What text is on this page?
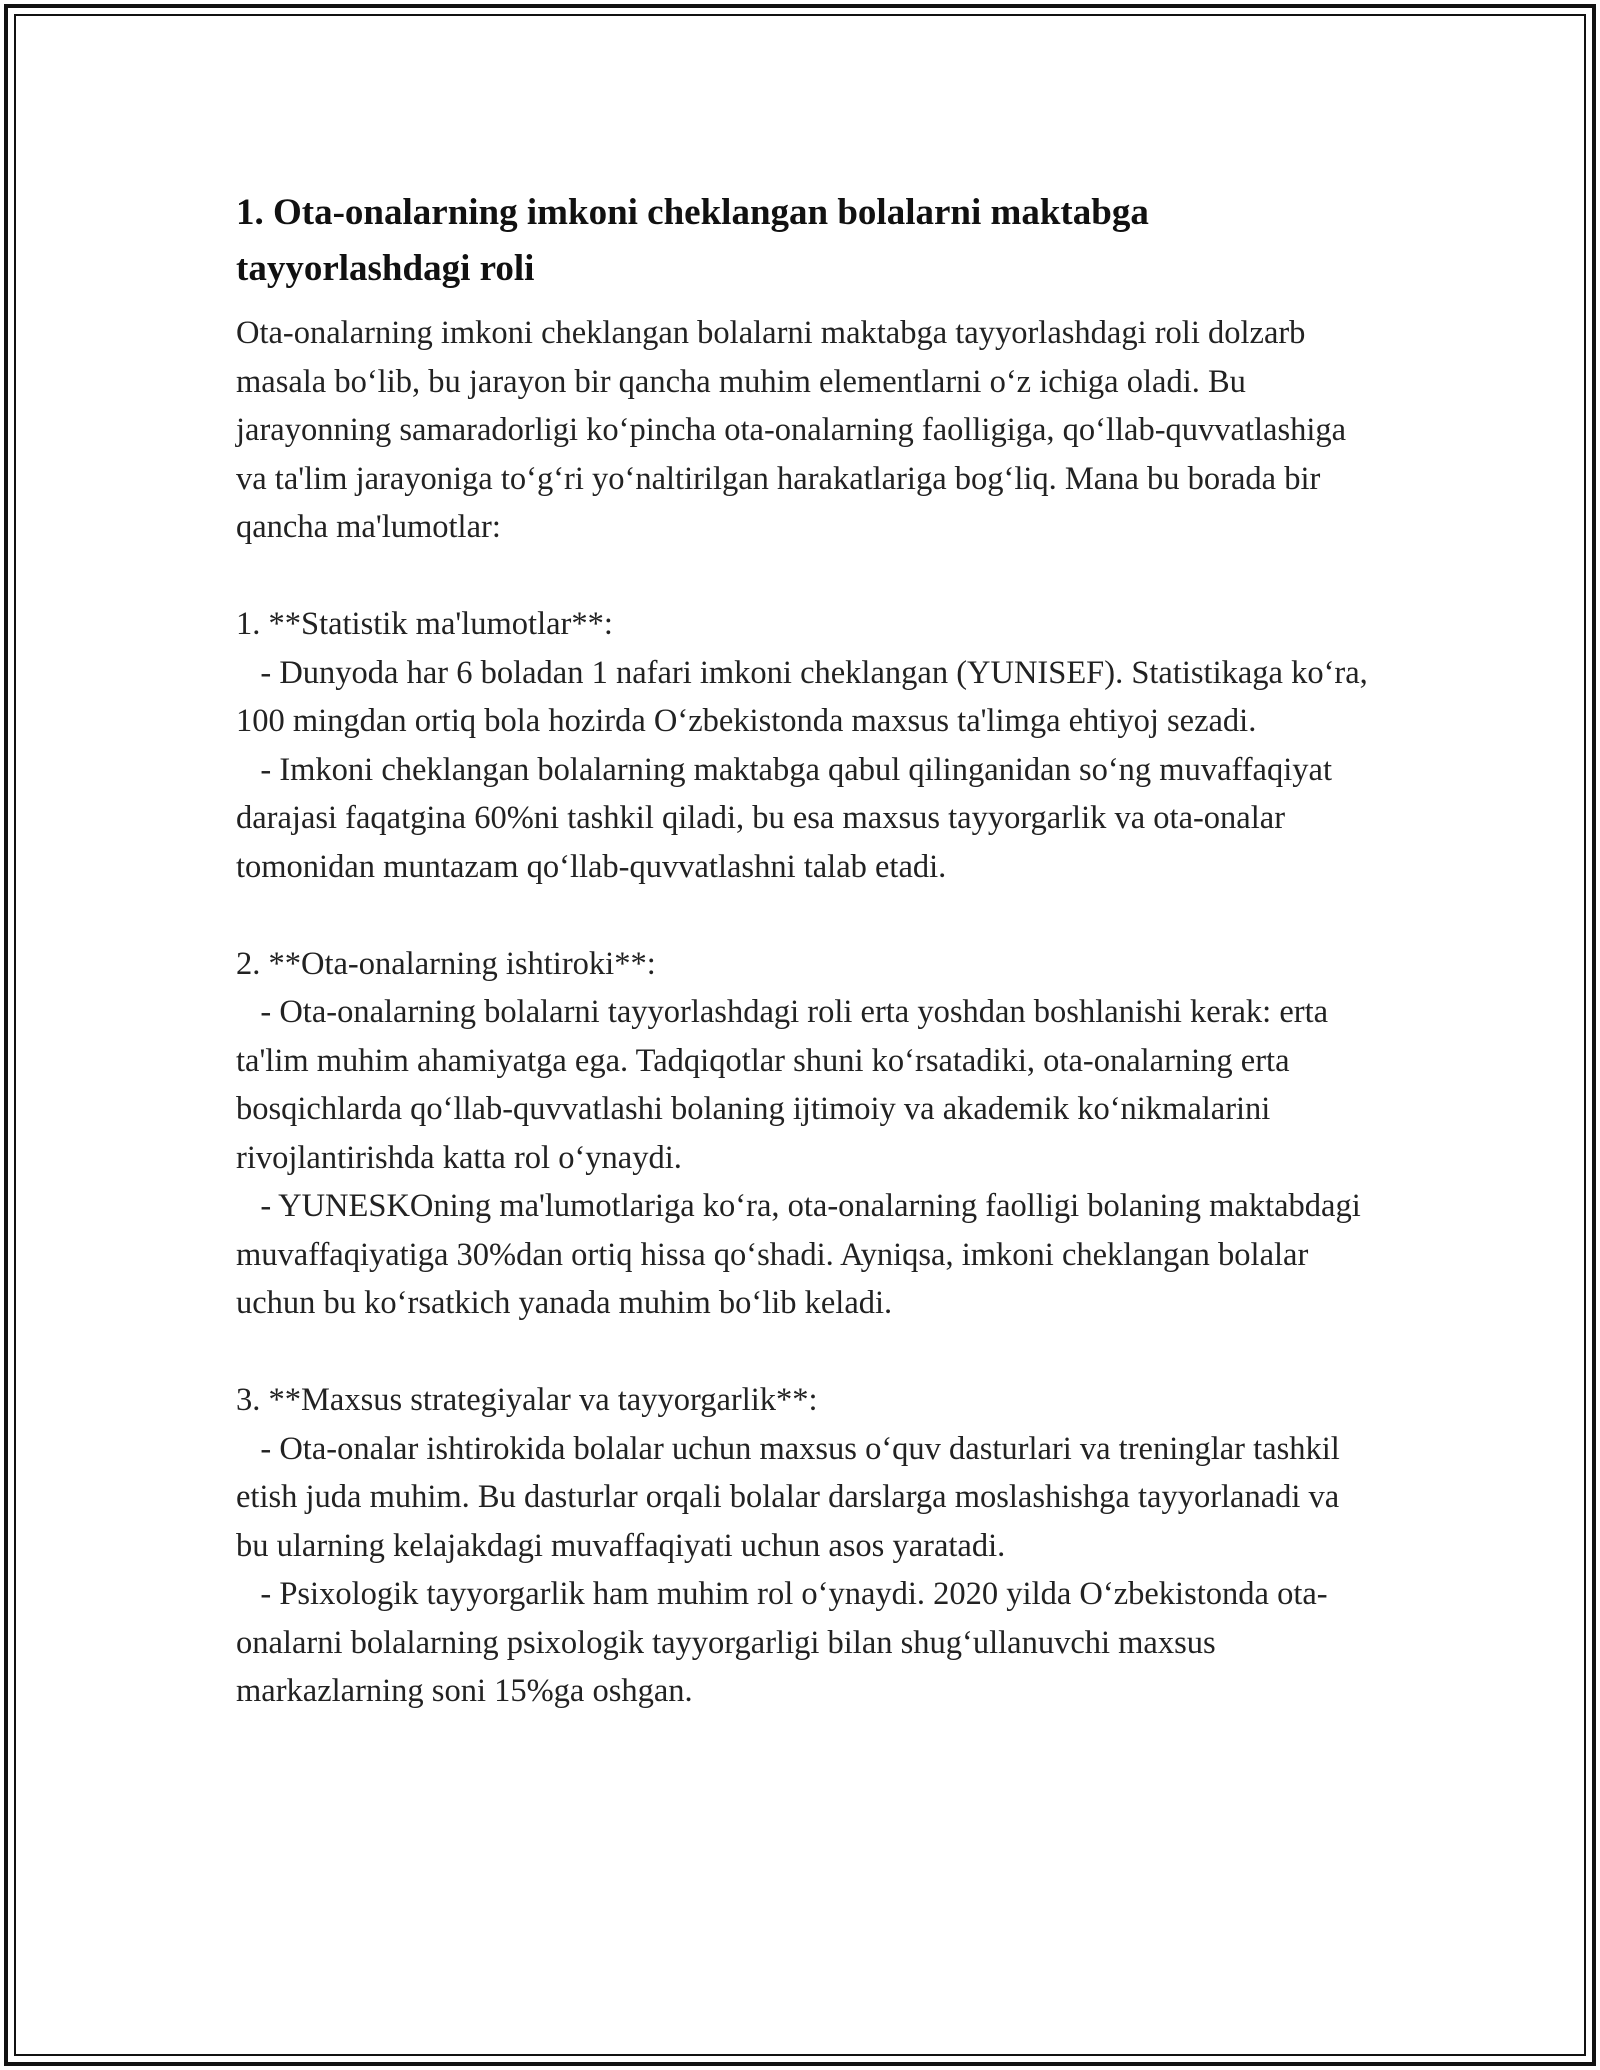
1. Ota-onalarning imkoni cheklangan bolalarni maktabga tayyorlashdagi roli

Ota-onalarning imkoni cheklangan bolalarni maktabga tayyorlashdagi roli dolzarb masala bo‘lib, bu jarayon bir qancha muhim elementlarni o‘z ichiga oladi. Bu jarayonning samaradorligi ko‘pincha ota-onalarning faolligiga, qo‘llab-quvvatlashiga va ta'lim jarayoniga to‘g‘ri yo‘naltirilgan harakatlariga bog‘liq. Mana bu borada bir qancha ma'lumotlar:

1. **Statistik ma'lumotlar**:

- Dunyoda har 6 boladan 1 nafari imkoni cheklangan (YUNISEF). Statistikaga ko‘ra, 100 mingdan ortiq bola hozirda O‘zbekistonda maxsus ta'limga ehtiyoj sezadi.

- Imkoni cheklangan bolalarning maktabga qabul qilinganidan so‘ng muvaffaqiyat darajasi faqatgina 60%ni tashkil qiladi, bu esa maxsus tayyorgarlik va ota-onalar tomonidan muntazam qo‘llab-quvvatlashni talab etadi.

2. **Ota-onalarning ishtiroki**:

- Ota-onalarning bolalarni tayyorlashdagi roli erta yoshdan boshlanishi kerak: erta ta'lim muhim ahamiyatga ega. Tadqiqotlar shuni ko‘rsatadiki, ota-onalarning erta bosqichlarda qo‘llab-quvvatlashi bolaning ijtimoiy va akademik ko‘nikmalarini rivojlantirishda katta rol o‘ynaydi.

- YUNESKOning ma'lumotlariga ko‘ra, ota-onalarning faolligi bolaning maktabdagi muvaffaqiyatiga 30%dan ortiq hissa qo‘shadi. Ayniqsa, imkoni cheklangan bolalar uchun bu ko‘rsatkich yanada muhim bo‘lib keladi.

3. **Maxsus strategiyalar va tayyorgarlik**:

- Ota-onalar ishtirokida bolalar uchun maxsus o‘quv dasturlari va treninglar tashkil etish juda muhim. Bu dasturlar orqali bolalar darslarga moslashishga tayyorlanadi va bu ularning kelajakdagi muvaffaqiyati uchun asos yaratadi.

- Psixologik tayyorgarlik ham muhim rol o‘ynaydi. 2020 yilda O‘zbekistonda ota-onalarni bolalarning psixologik tayyorgarligi bilan shug‘ullanuvchi maxsus markazlarning soni 15%ga oshgan.
